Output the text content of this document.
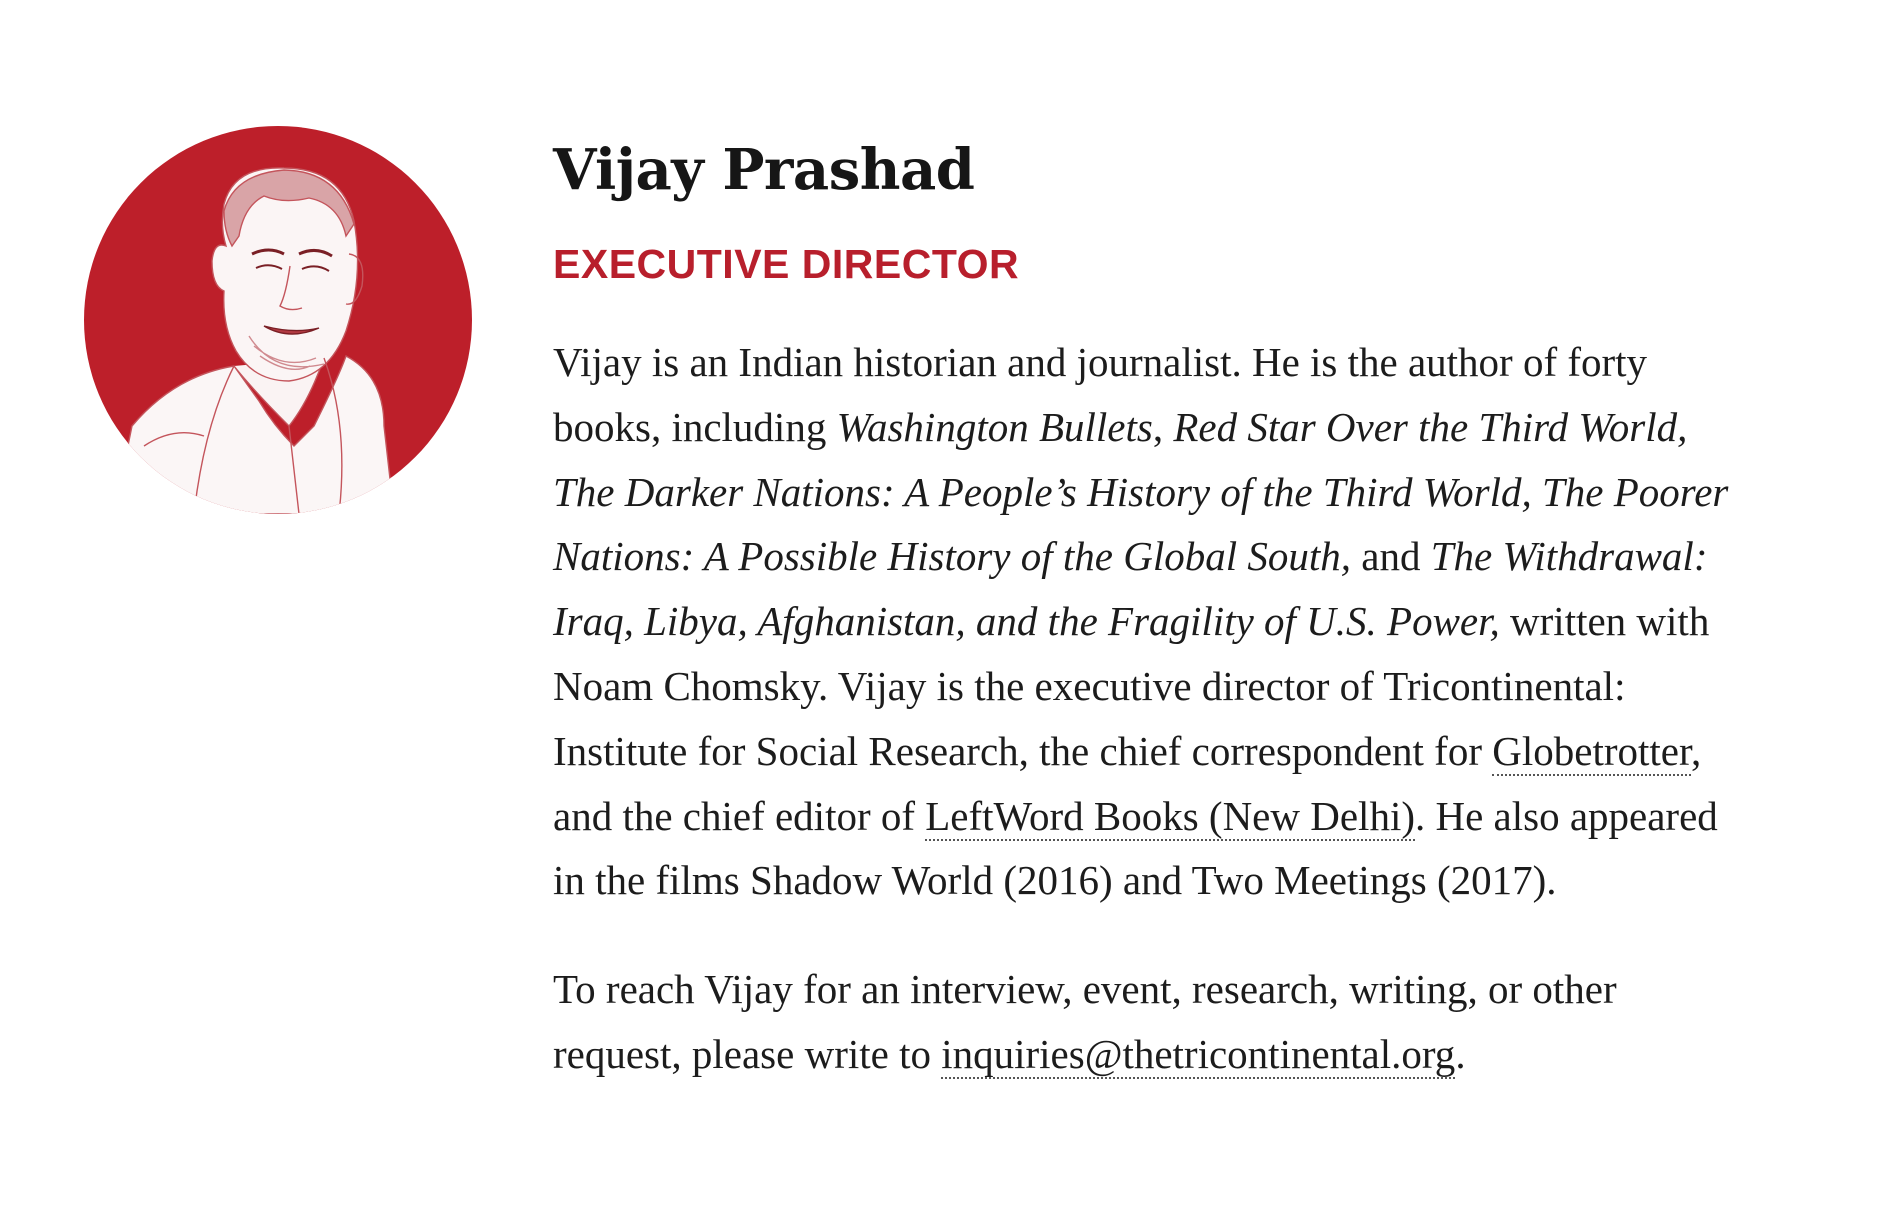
Vijay Prashad
EXECUTIVE DIRECTOR

Vijay is an Indian historian and journalist. He is the author of forty books, including Washington Bullets, Red Star Over the Third World, The Darker Nations: A People’s History of the Third World, The Poorer Nations: A Possible History of the Global South, and The Withdrawal: Iraq, Libya, Afghanistan, and the Fragility of U.S. Power, written with Noam Chomsky. Vijay is the executive director of Tricontinental: Institute for Social Research, the chief correspondent for Globetrotter, and the chief editor of LeftWord Books (New Delhi). He also appeared in the films Shadow World (2016) and Two Meetings (2017).

To reach Vijay for an interview, event, research, writing, or other request, please write to inquiries@thetricontinental.org.
